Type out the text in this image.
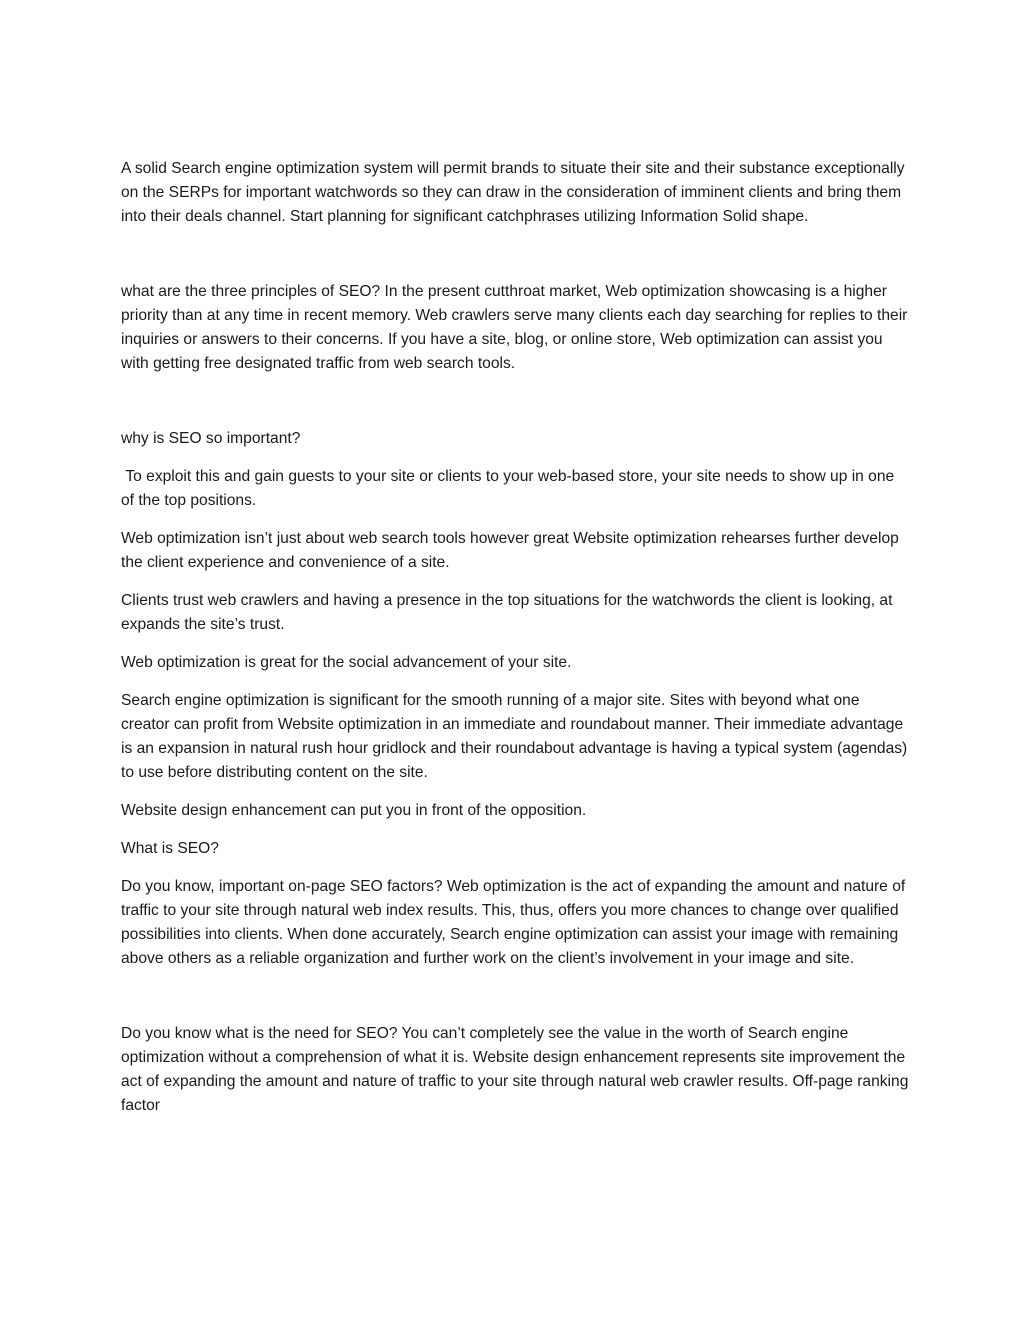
A solid Search engine optimization system will permit brands to situate their site and their substance exceptionally on the SERPs for important watchwords so they can draw in the consideration of imminent clients and bring them into their deals channel. Start planning for significant catchphrases utilizing Information Solid shape.

what are the three principles of SEO? In the present cutthroat market, Web optimization showcasing is a higher priority than at any time in recent memory. Web crawlers serve many clients each day searching for replies to their inquiries or answers to their concerns. If you have a site, blog, or online store, Web optimization can assist you with getting free designated traffic from web search tools.

why is SEO so important?

To exploit this and gain guests to your site or clients to your web-based store, your site needs to show up in one of the top positions.

Web optimization isn’t just about web search tools however great Website optimization rehearses further develop the client experience and convenience of a site.

Clients trust web crawlers and having a presence in the top situations for the watchwords the client is looking, at expands the site’s trust.

Web optimization is great for the social advancement of your site.

Search engine optimization is significant for the smooth running of a major site. Sites with beyond what one creator can profit from Website optimization in an immediate and roundabout manner. Their immediate advantage is an expansion in natural rush hour gridlock and their roundabout advantage is having a typical system (agendas) to use before distributing content on the site.

Website design enhancement can put you in front of the opposition.

What is SEO?

Do you know, important on-page SEO factors? Web optimization is the act of expanding the amount and nature of traffic to your site through natural web index results. This, thus, offers you more chances to change over qualified possibilities into clients. When done accurately, Search engine optimization can assist your image with remaining above others as a reliable organization and further work on the client’s involvement in your image and site.

Do you know what is the need for SEO? You can’t completely see the value in the worth of Search engine optimization without a comprehension of what it is. Website design enhancement represents site improvement the act of expanding the amount and nature of traffic to your site through natural web crawler results. Off-page ranking factor
